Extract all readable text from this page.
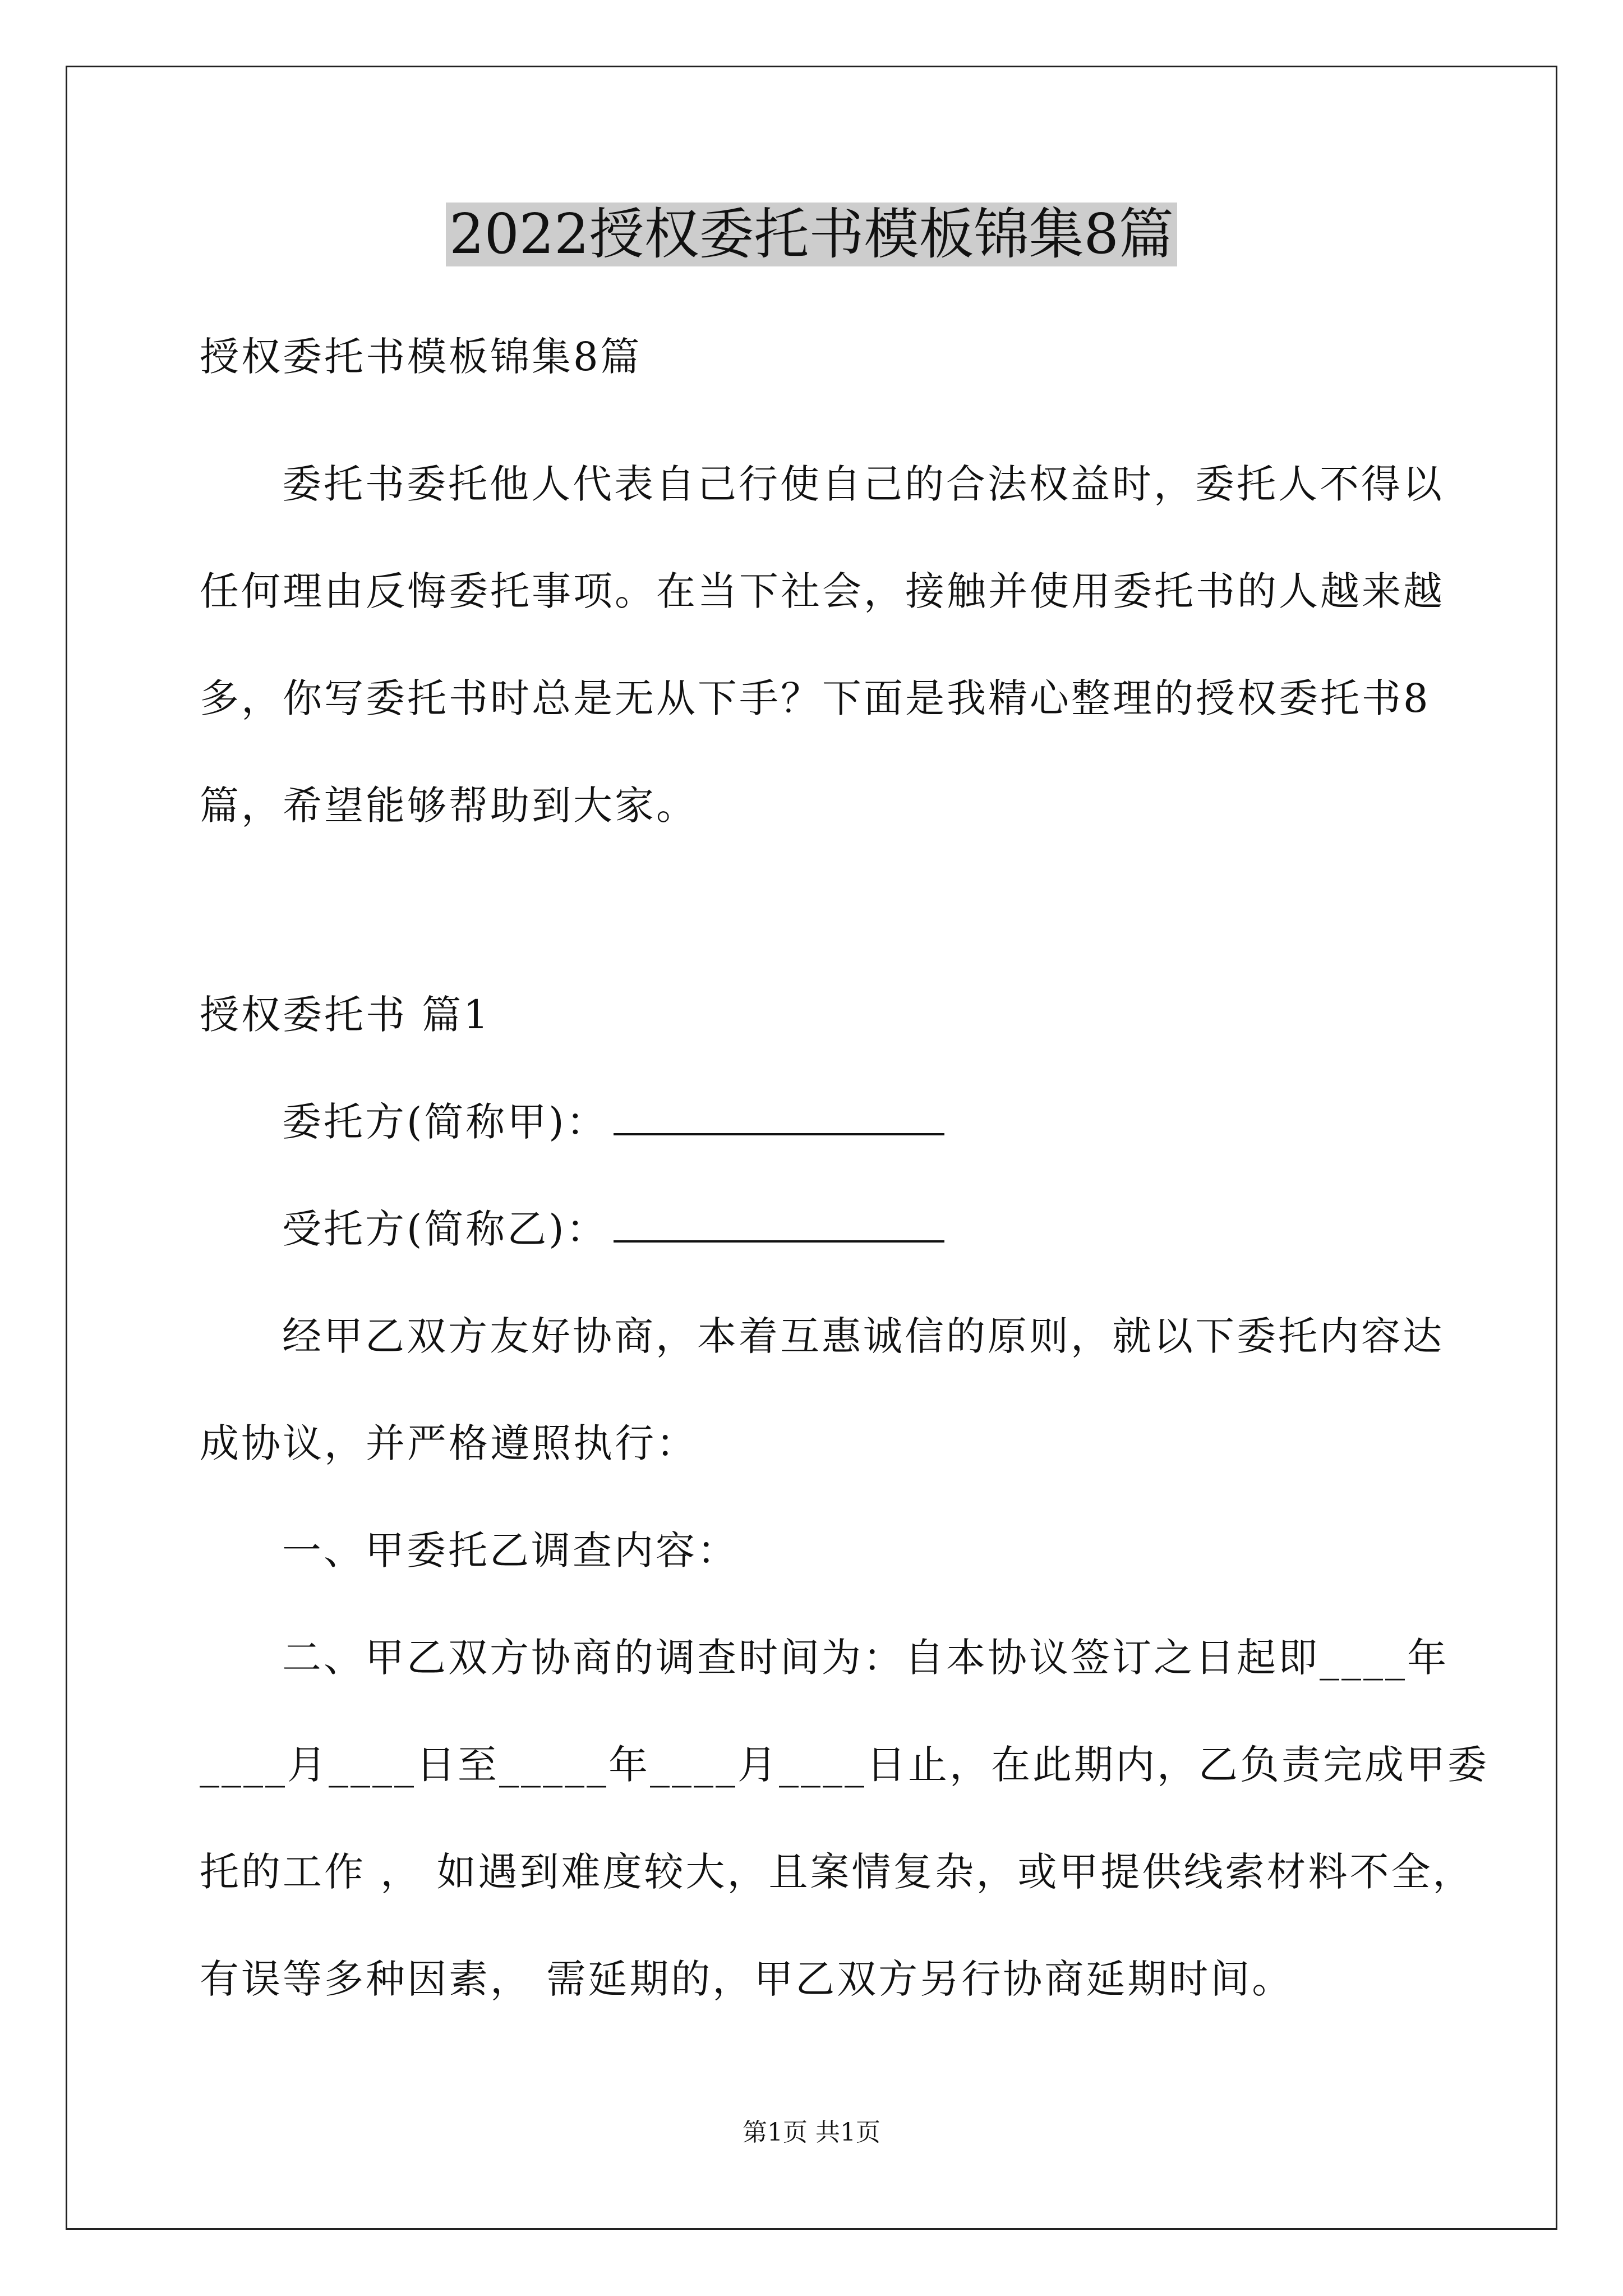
2022授权委托书模板锦集8篇
授权委托书模板锦集8篇
委托书委托他人代表自己行使自己的合法权益时，委托人不得以
任何理由反悔委托事项。在当下社会，接触并使用委托书的人越来越
多，你写委托书时总是无从下手？下面是我精心整理的授权委托书8
篇，希望能够帮助到大家。
授权委托书 篇1
委托方(简称甲)：
受托方(简称乙)：
经甲乙双方友好协商，本着互惠诚信的原则，就以下委托内容达
成协议，并严格遵照执行：
一、甲委托乙调查内容：
二、甲乙双方协商的调查时间为：自本协议签订之日起即____年
____月____日至_____年____月____日止，在此期内，乙负责完成甲委
托的工作 ， 如遇到难度较大，且案情复杂，或甲提供线索材料不全，
有误等多种因素， 需延期的，甲乙双方另行协商延期时间。
第1页 共1页
